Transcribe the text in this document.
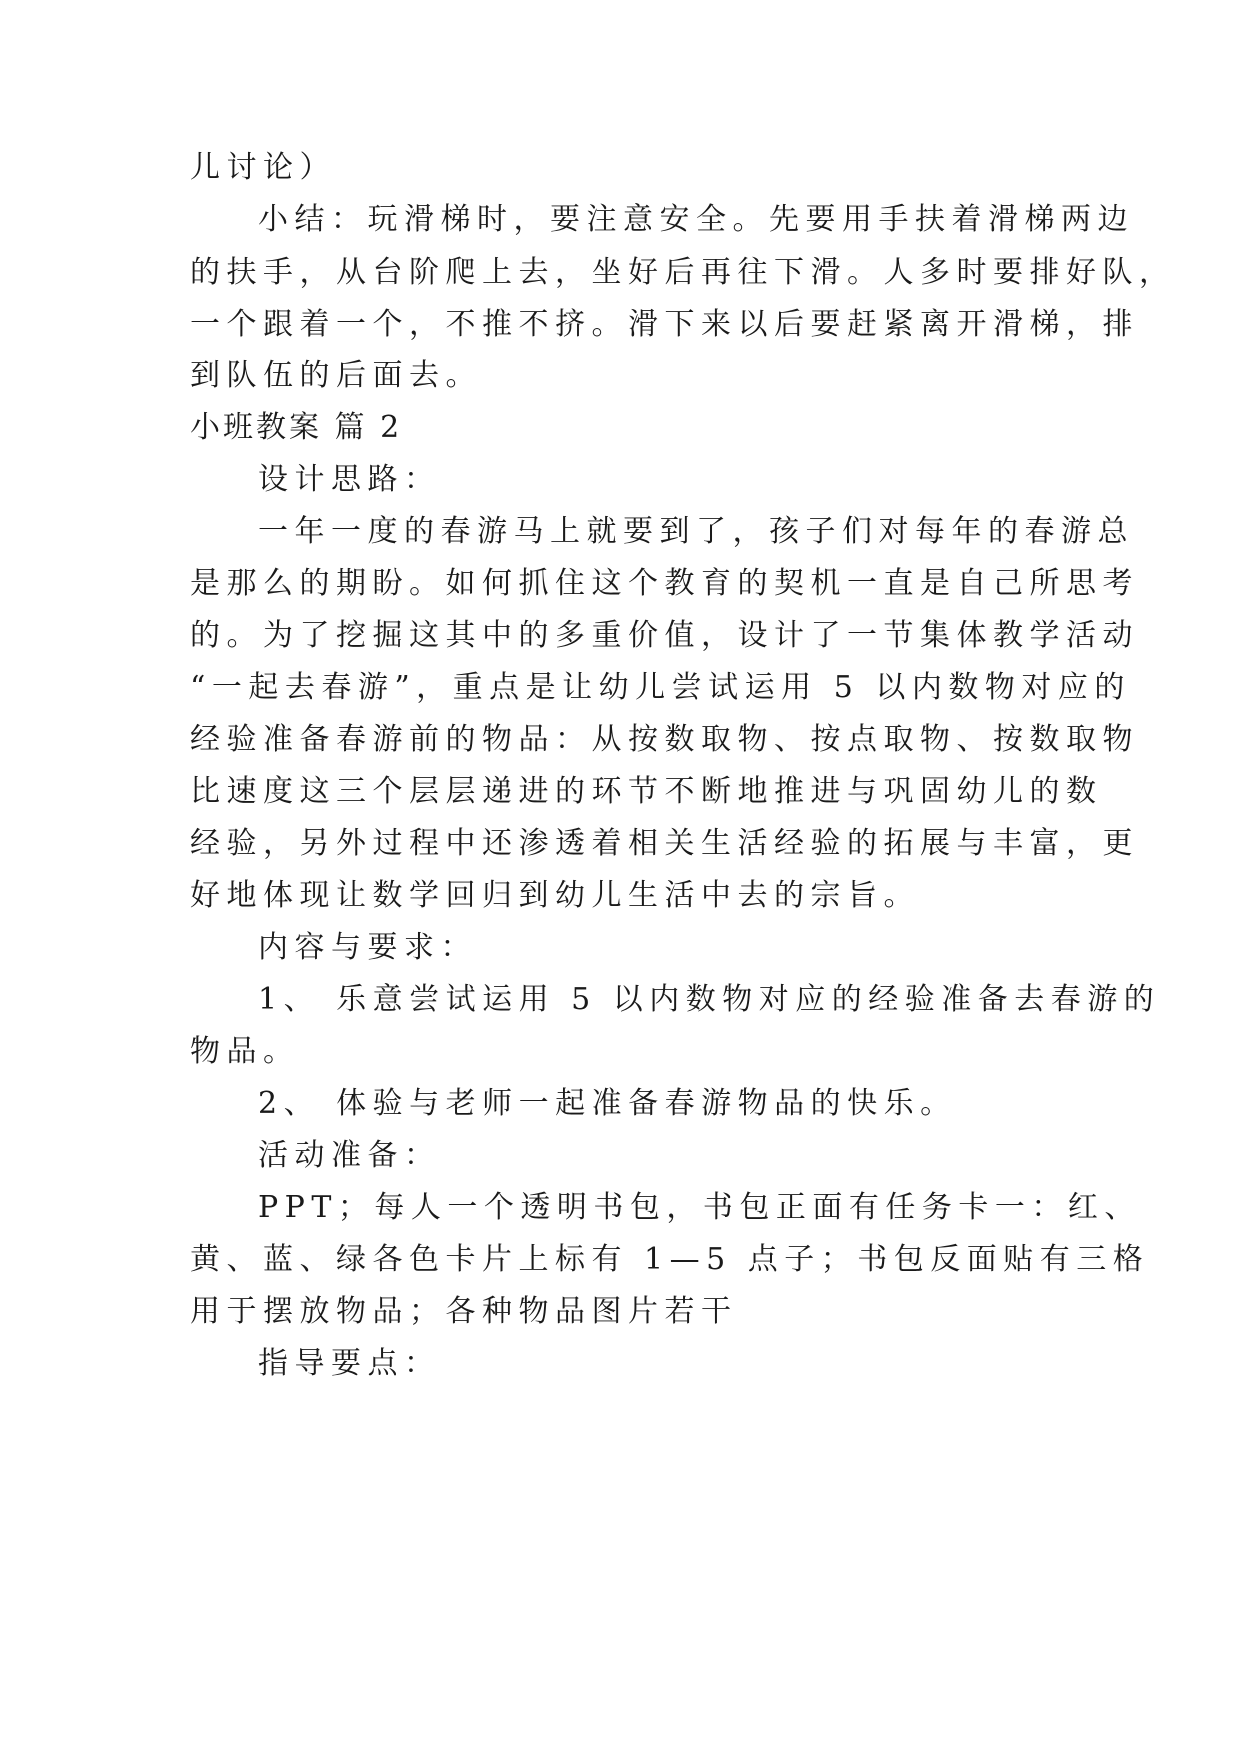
儿讨论）
小结：玩滑梯时，要注意安全。先要用手扶着滑梯两边
的扶手，从台阶爬上去，坐好后再往下滑。人多时要排好队，
一个跟着一个，不推不挤。滑下来以后要赶紧离开滑梯，排
到队伍的后面去。
小班教案 篇 2
设计思路：
一年一度的春游马上就要到了，孩子们对每年的春游总
是那么的期盼。如何抓住这个教育的契机一直是自己所思考
的。为了挖掘这其中的多重价值，设计了一节集体教学活动
“一起去春游”，重点是让幼儿尝试运用 5 以内数物对应的
经验准备春游前的物品：从按数取物、按点取物、按数取物
比速度这三个层层递进的环节不断地推进与巩固幼儿的数
经验，另外过程中还渗透着相关生活经验的拓展与丰富，更
好地体现让数学回归到幼儿生活中去的宗旨。
内容与要求：
1、 乐意尝试运用 5 以内数物对应的经验准备去春游的
物品。
2、 体验与老师一起准备春游物品的快乐。
活动准备：
PPT；每人一个透明书包，书包正面有任务卡一：红、
黄、蓝、绿各色卡片上标有 1—5 点子；书包反面贴有三格
用于摆放物品；各种物品图片若干
指导要点：
